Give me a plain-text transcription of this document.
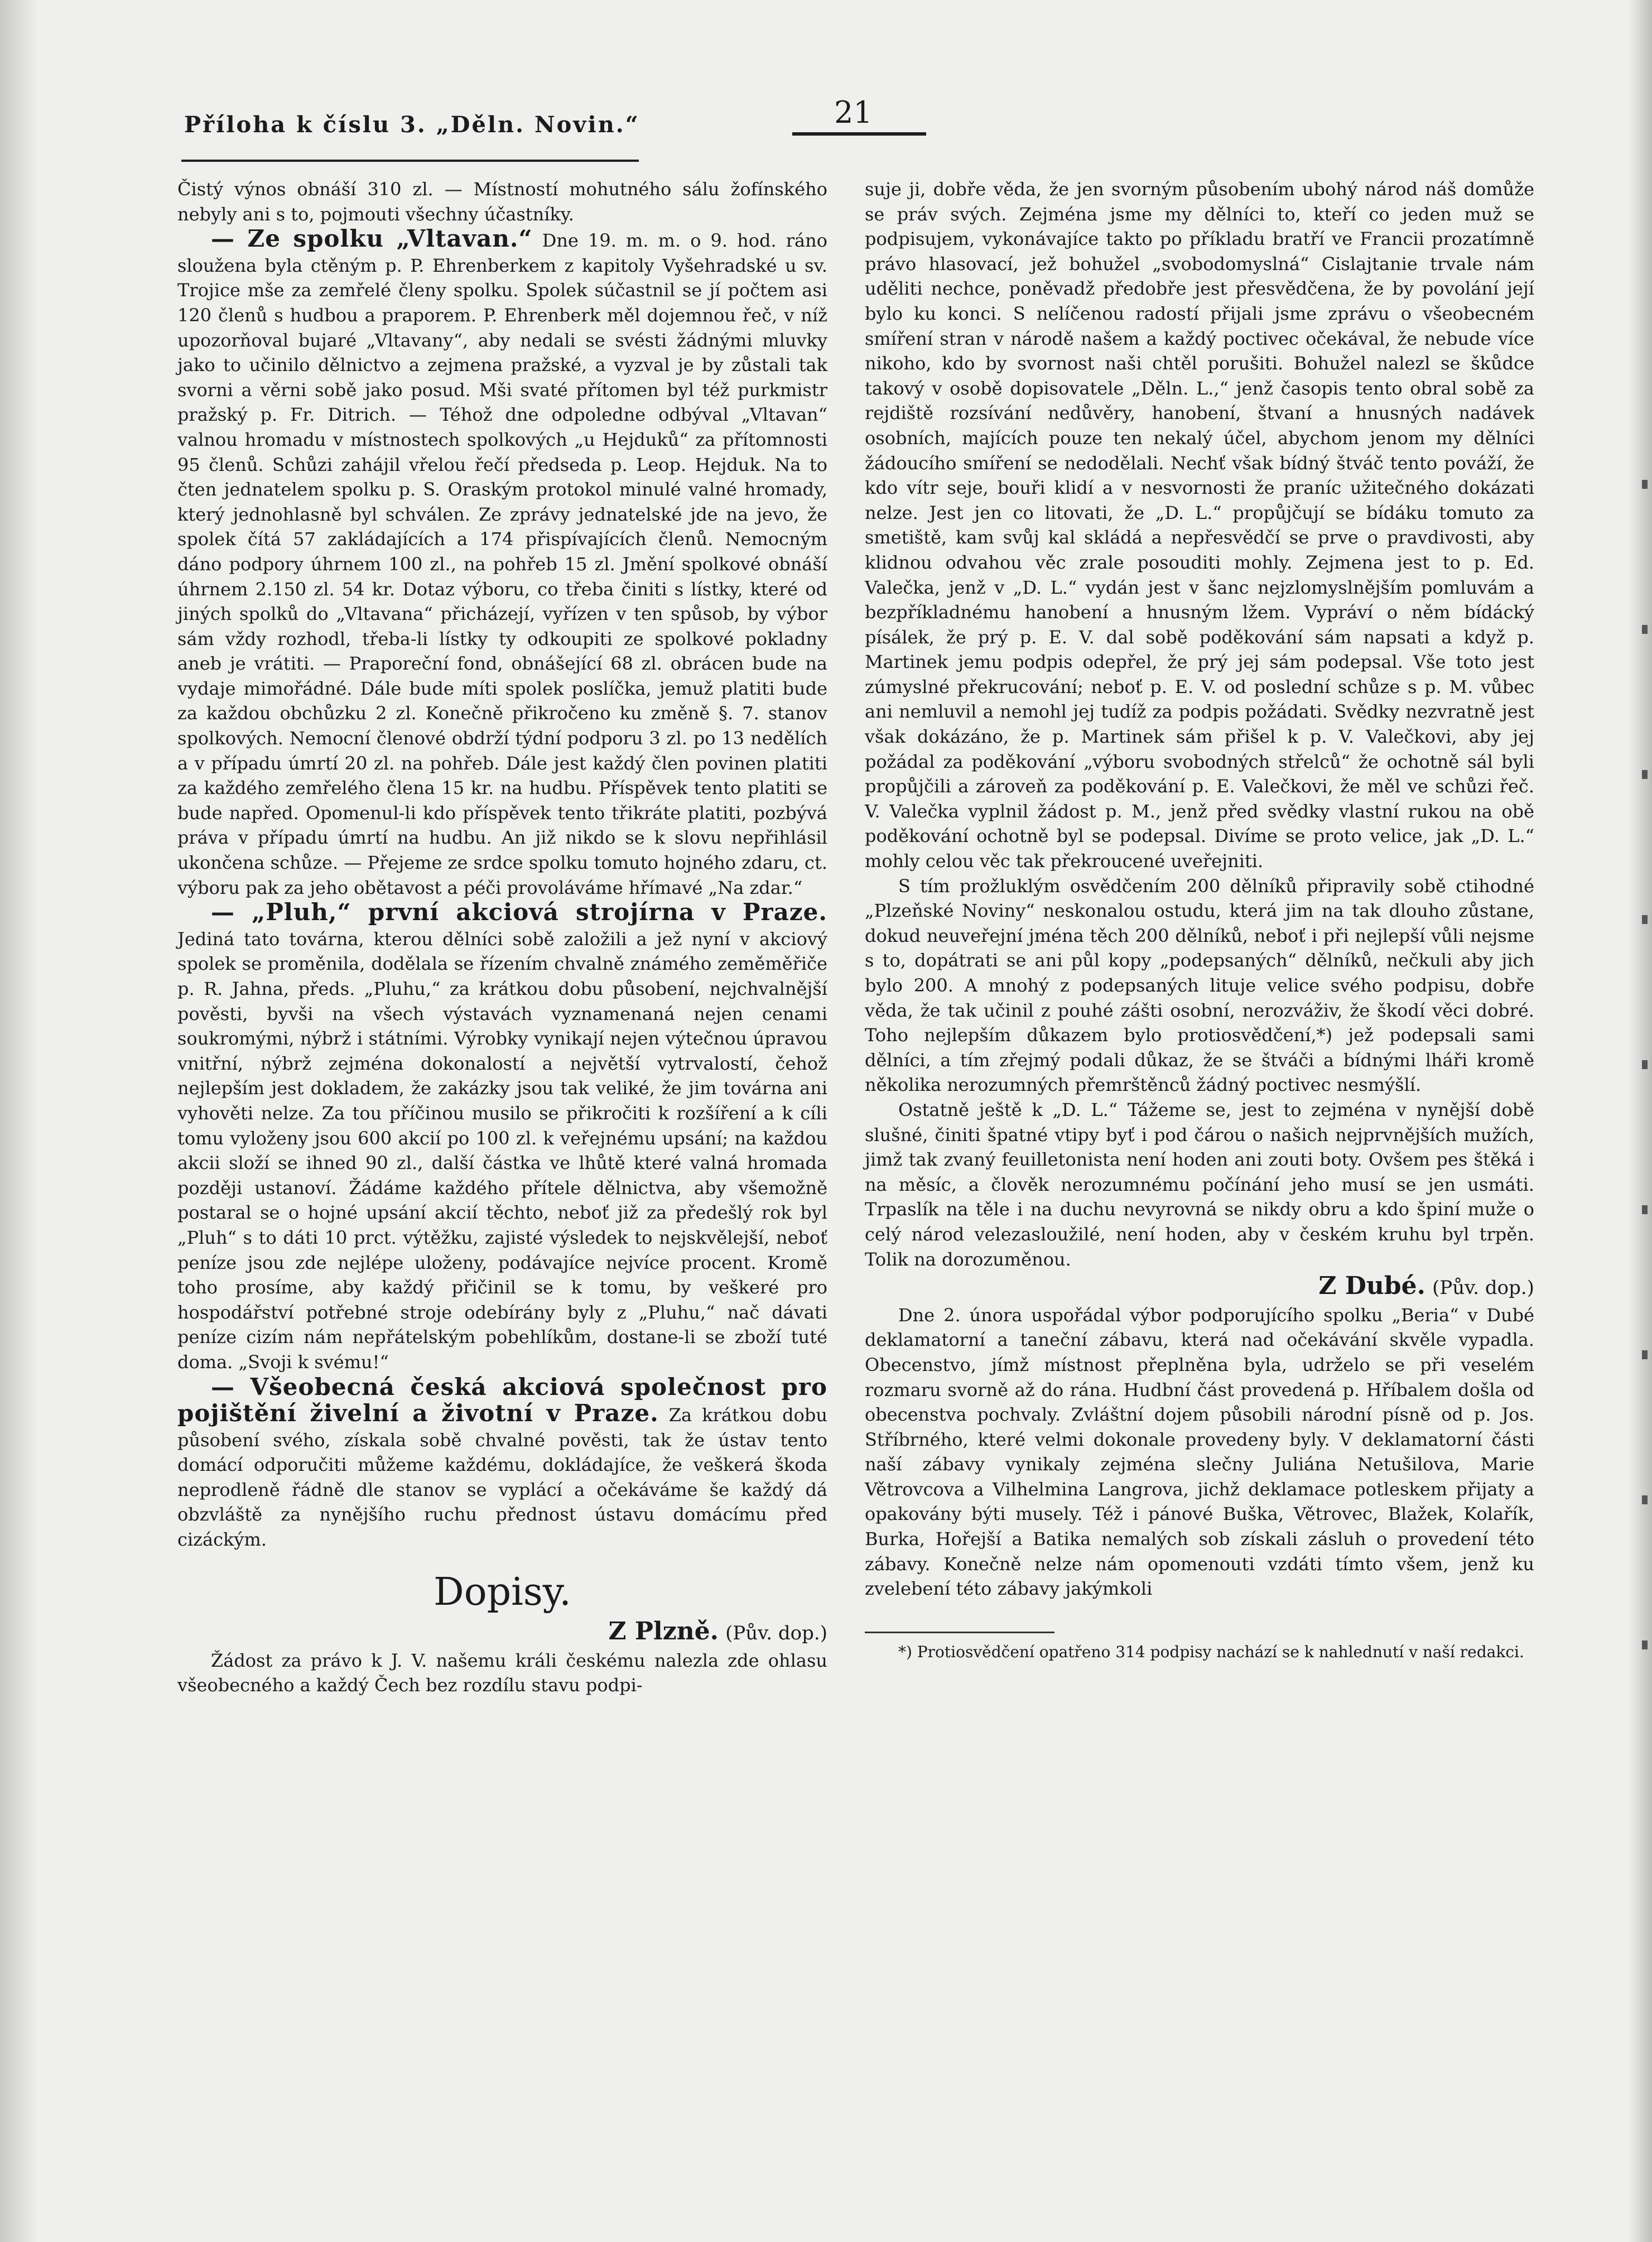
Příloha k číslu 3. „Děln. Novin.“	21

Čistý výnos obnáší 310 zl. — Místností mohutného sálu žofínského nebyly ani s to, pojmouti všechny účastníky.

— Ze spolku „Vltavan.“ Dne 19. m. m. o 9. hod. ráno sloužena byla ctěným p. P. Ehrenberkem z kapitoly Vyšehradské u sv. Trojice mše za zemřelé členy spolku. Spolek súčastnil se jí počtem asi 120 členů s hudbou a praporem. P. Ehrenberk měl dojemnou řeč, v níž upozorňoval bujaré „Vltavany“, aby nedali se svésti žádnými mluvky jako to učinilo dělnictvo a zejmena pražské, a vyzval je by zůstali tak svorni a věrni sobě jako posud. Mši svaté přítomen byl též purkmistr pražský p. Fr. Ditrich. — Téhož dne odpoledne odbýval „Vltavan“ valnou hromadu v místnostech spolkových „u Hejduků“ za přítomnosti 95 členů. Schůzi zahájil vřelou řečí předseda p. Leop. Hejduk. Na to čten jednatelem spolku p. S. Oraským protokol minulé valné hromady, který jednohlasně byl schválen. Ze zprávy jednatelské jde na jevo, že spolek čítá 57 zakládajících a 174 přispívajících členů. Nemocným dáno podpory úhrnem 100 zl., na pohřeb 15 zl. Jmění spolkové obnáší úhrnem 2.150 zl. 54 kr. Dotaz výboru, co třeba činiti s lístky, které od jiných spolků do „Vltavana“ přicházejí, vyřízen v ten spůsob, by výbor sám vždy rozhodl, třeba-li lístky ty odkoupiti ze spolkové pokladny aneb je vrátiti. — Praporeční fond, obnášející 68 zl. obrácen bude na vydaje mimořádné. Dále bude míti spolek poslíčka, jemuž platiti bude za každou obchůzku 2 zl. Konečně přikročeno ku změně §. 7. stanov spolkových. Nemocní členové obdrží týdní podporu 3 zl. po 13 nedělích a v případu úmrtí 20 zl. na pohřeb. Dále jest každý člen povinen platiti za každého zemřelého člena 15 kr. na hudbu. Příspěvek tento platiti se bude napřed. Opomenul-li kdo příspěvek tento třikráte platiti, pozbývá práva v případu úmrtí na hudbu. An již nikdo se k slovu nepřihlásil ukončena schůze. — Přejeme ze srdce spolku tomuto hojného zdaru, ct. výboru pak za jeho obětavost a péči provoláváme hřímavé „Na zdar.“

— „Pluh,“ první akciová strojírna v Praze. Jediná tato továrna, kterou dělníci sobě založili a jež nyní v akciový spolek se proměnila, dodělala se řízením chvalně známého zeměměřiče p. R. Jahna, předs. „Pluhu,“ za krátkou dobu působení, nejchvalnější pověsti, byvši na všech výstavách vyznamenaná nejen cenami soukromými, nýbrž i státními. Výrobky vynikají nejen výtečnou úpravou vnitřní, nýbrž zejména dokonalostí a největší vytrvalostí, čehož nejlepším jest dokladem, že zakázky jsou tak veliké, že jim továrna ani vyhověti nelze. Za tou příčinou musilo se přikročiti k rozšíření a k cíli tomu vyloženy jsou 600 akcií po 100 zl. k veřejnému upsání; na každou akcii složí se ihned 90 zl., další částka ve lhůtě které valná hromada později ustanoví. Žádáme každého přítele dělnictva, aby všemožně postaral se o hojné upsání akcií těchto, neboť již za předešlý rok byl „Pluh“ s to dáti 10 prct. výtěžku, zajisté výsledek to nejskvělejší, neboť peníze jsou zde nejlépe uloženy, podávajíce nejvíce procent. Kromě toho prosíme, aby každý přičinil se k tomu, by veškeré pro hospodářství potřebné stroje odebírány byly z „Pluhu,“ nač dávati peníze cizím nám nepřátelským pobehlíkům, dostane-li se zboží tuté doma. „Svoji k svému!“

— Všeobecná česká akciová společnost pro pojištění živelní a životní v Praze. Za krátkou dobu působení svého, získala sobě chvalné pověsti, tak že ústav tento domácí odporučiti můžeme každému, dokládajíce, že veškerá škoda neprodleně řádně dle stanov se vyplácí a očekáváme še každý dá obzvláště za nynějšího ruchu přednost ústavu domácímu před cizáckým.

Dopisy.
Z Plzně. (Pův. dop.)

Žádost za právo k J. V. našemu králi českému nalezla zde ohlasu všeobecného a každý Čech bez rozdílu stavu podpi-

suje ji, dobře věda, že jen svorným působením ubohý národ náš domůže se práv svých. Zejména jsme my dělníci to, kteří co jeden muž se podpisujem, vykonávajíce takto po příkladu bratří ve Francii prozatímně právo hlasovací, jež bohužel „svobodomyslná“ Cislajtanie trvale nám uděliti nechce, poněvadž předobře jest přesvědčena, že by povolání její bylo ku konci. S nelíčenou radostí přijali jsme zprávu o všeobecném smíření stran v národě našem a každý poctivec očekával, že nebude více nikoho, kdo by svornost naši chtěl porušiti. Bohužel nalezl se škůdce takový v osobě dopisovatele „Děln. L.,“ jenž časopis tento obral sobě za rejdiště rozsívání nedůvěry, hanobení, štvaní a hnusných nadávek osobních, majících pouze ten nekalý účel, abychom jenom my dělníci žádoucího smíření se nedodělali. Nechť však bídný štváč tento pováží, že kdo vítr seje, bouři klidí a v nesvornosti že praníc užitečného dokázati nelze. Jest jen co litovati, že „D. L.“ propůjčují se bídáku tomuto za smetiště, kam svůj kal skládá a nepřesvědčí se prve o pravdivosti, aby klidnou odvahou věc zrale posouditi mohly. Zejmena jest to p. Ed. Valečka, jenž v „D. L.“ vydán jest v šanc nejzlomyslnějším pomluvám a bezpříkladnému hanobení a hnusným lžem. Vypráví o něm bídácký písálek, že prý p. E. V. dal sobě poděkování sám napsati a když p. Martinek jemu podpis odepřel, že prý jej sám podepsal. Vše toto jest zúmyslné překrucování; neboť p. E. V. od poslední schůze s p. M. vůbec ani nemluvil a nemohl jej tudíž za podpis požádati. Svědky nezvratně jest však dokázáno, že p. Martinek sám přišel k p. V. Valečkovi, aby jej požádal za poděkování „výboru svobodných střelců“ že ochotně sál byli propůjčili a zároveň za poděkování p. E. Valečkovi, že měl ve schůzi řeč. V. Valečka vyplnil žádost p. M., jenž před svědky vlastní rukou na obě poděkování ochotně byl se podepsal. Divíme se proto velice, jak „D. L.“ mohly celou věc tak překroucené uveřejniti.

S tím prožluklým osvědčením 200 dělníků připravily sobě ctihodné „Plzeňské Noviny“ neskonalou ostudu, která jim na tak dlouho zůstane, dokud neuveřejní jména těch 200 dělníků, neboť i při nejlepší vůli nejsme s to, dopátrati se ani půl kopy „podepsaných“ dělníků, nečkuli aby jich bylo 200. A mnohý z podepsaných lituje velice svého podpisu, dobře věda, že tak učinil z pouhé zášti osobní, nerozváživ, že škodí věci dobré. Toho nejlepším důkazem bylo protiosvědčení,*) jež podepsali sami dělníci, a tím zřejmý podali důkaz, že se štváči a bídnými lháři kromě několika nerozumných přemrštěnců žádný poctivec nesmýšlí.

Ostatně ještě k „D. L.“ Tážeme se, jest to zejména v nynější době slušné, činiti špatné vtipy byť i pod čárou o našich nejprvnějších mužích, jimž tak zvaný feuilletonista není hoden ani zouti boty. Ovšem pes štěká i na měsíc, a člověk nerozumnému počínání jeho musí se jen usmáti. Trpaslík na těle i na duchu nevyrovná se nikdy obru a kdo špiní muže o celý národ velezasloužilé, není hoden, aby v českém kruhu byl trpěn. Tolik na dorozuměnou.

Z Dubé. (Pův. dop.)

Dne 2. února uspořádal výbor podporujícího spolku „Beria“ v Dubé deklamatorní a taneční zábavu, která nad očekávání skvěle vypadla. Obecenstvo, jímž místnost přeplněna byla, udrželo se při veselém rozmaru svorně až do rána. Hudbní část provedená p. Hříbalem došla od obecenstva pochvaly. Zvláštní dojem působili národní písně od p. Jos. Stříbrného, které velmi dokonale provedeny byly. V deklamatorní části naší zábavy vynikaly zejména slečny Juliána Netušilova, Marie Větrovcova a Vilhelmina Langrova, jichž deklamace potleskem přijaty a opakovány býti musely. Též i pánové Buška, Větrovec, Blažek, Kolařík, Burka, Hořejší a Batika nemalých sob získali zásluh o provedení této zábavy. Konečně nelze nám opomenouti vzdáti tímto všem, jenž ku zvelebení této zábavy jakýmkoli

*) Protiosvědčení opatřeno 314 podpisy nachází se k nahlednutí v naší redakci.
